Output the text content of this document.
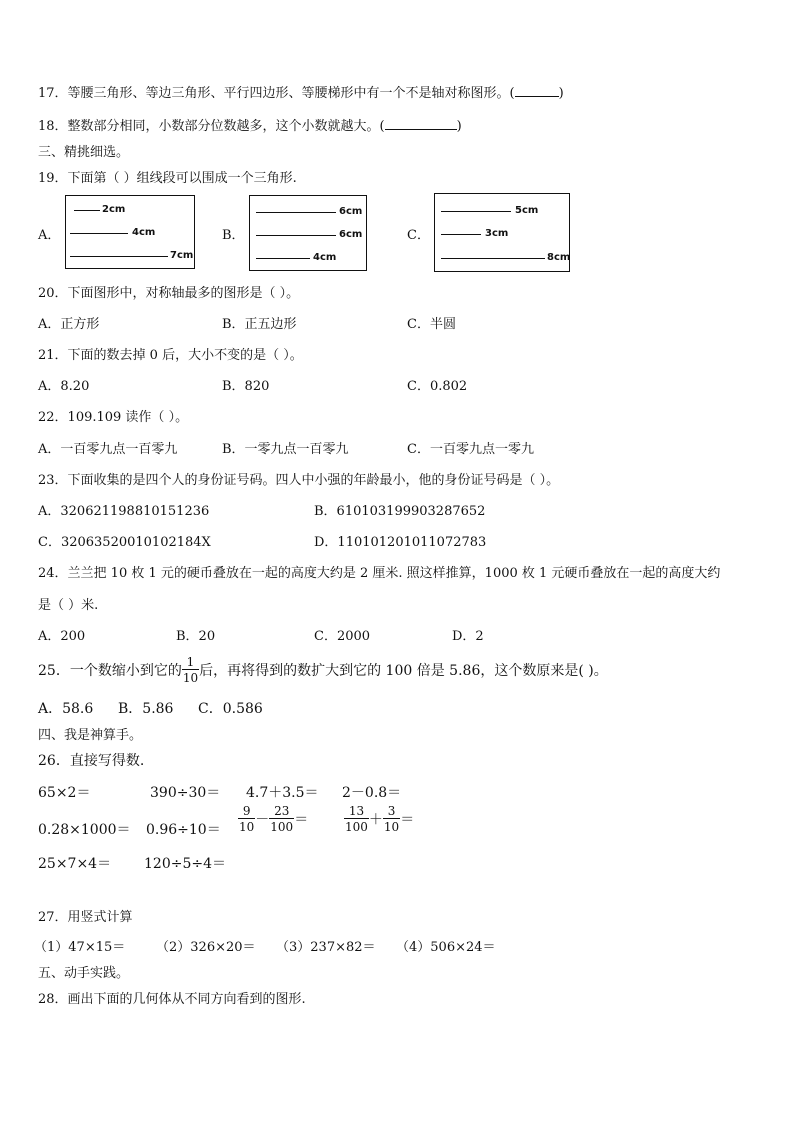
17．等腰三角形、等边三角形、平行四边形、等腰梯形中有一个不是轴对称图形。(	)
18．整数部分相同，小数部分位数越多，这个小数就越大。(	)
三、精挑细选。
19．下面第（ ）组线段可以围成一个三角形.
A．
2cm
4cm
7cm
B．
6cm
6cm
4cm
C．
5cm
3cm
8cm
20．下面图形中，对称轴最多的图形是（ ）。
A．正方形	B．正五边形	C．半圆
21．下面的数去掉 0 后，大小不变的是（ ）。
A．8.20	B．820	C．0.802
22．109.109 读作（ ）。
A．一百零九点一百零九	B．一零九点一百零九	C．一百零九点一零九
23．下面收集的是四个人的身份证号码。四人中小强的年龄最小，他的身份证号码是（ ）。
A．320621198810151236	B．610103199903287652
C．32063520010102184X	D．110101201011072783
24．兰兰把 10 枚 1 元的硬币叠放在一起的高度大约是 2 厘米. 照这样推算，1000 枚 1 元硬币叠放在一起的高度大约
是（ ）米.
A．200	B．20	C．2000	D．2
25．一个数缩小到它的 $\frac{1}{10}$ 后，再将得到的数扩大到它的 100 倍是 5.86，这个数原来是( )。
A．58.6 B．5.86 C．0.586
四、我是神算手。
26．直接写得数.
65×2＝	390÷30＝ 4.7＋3.5＝ 2－0.8＝
$0.28\times 1000= 0.96\div 10= \frac{9}{10} - \frac{23}{100}$ ＝	$\frac{13}{100} + \frac{3}{10}$ ＝
25×7×4＝ 120÷5÷4＝
27．用竖式计算
（1）47×15＝ （2）326×20＝ （3）237×82＝ （4）506×24＝
五、动手实践。
28．画出下面的几何体从不同方向看到的图形.
